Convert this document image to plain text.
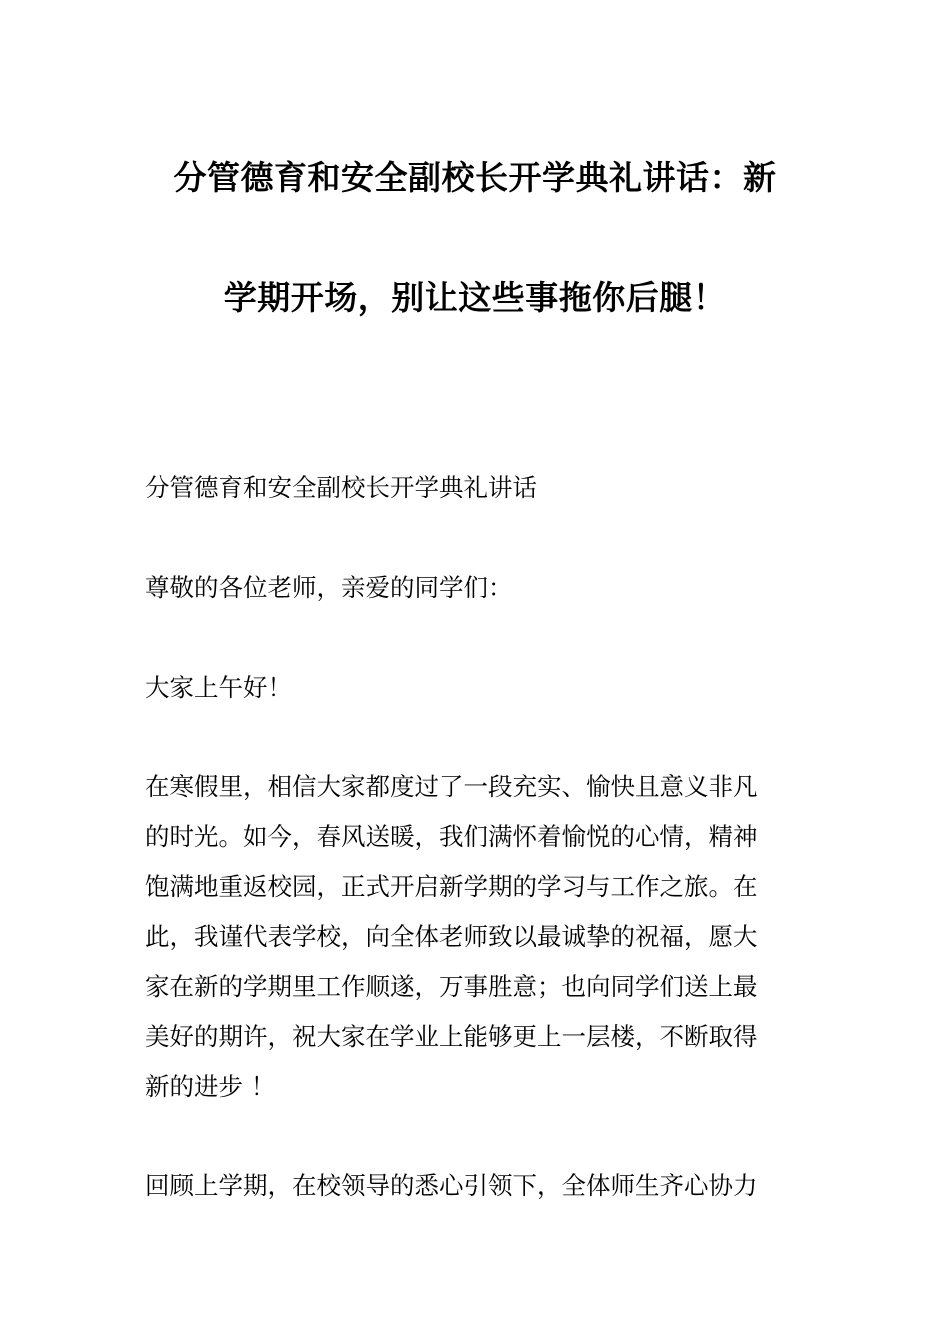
分管德育和安全副校长开学典礼讲话：新
学期开场，别让这些事拖你后腿！

分管德育和安全副校长开学典礼讲话

尊敬的各位老师，亲爱的同学们：

大家上午好！

在寒假里，相信大家都度过了一段充实、愉快且意义非凡
的时光。如今，春风送暖，我们满怀着愉悦的心情，精神
饱满地重返校园，正式开启新学期的学习与工作之旅。在
此，我谨代表学校，向全体老师致以最诚挚的祝福，愿大
家在新的学期里工作顺遂，万事胜意；也向同学们送上最
美好的期许，祝大家在学业上能够更上一层楼，不断取得
新的进步 ！

回顾上学期，在校领导的悉心引领下，全体师生齐心协力
